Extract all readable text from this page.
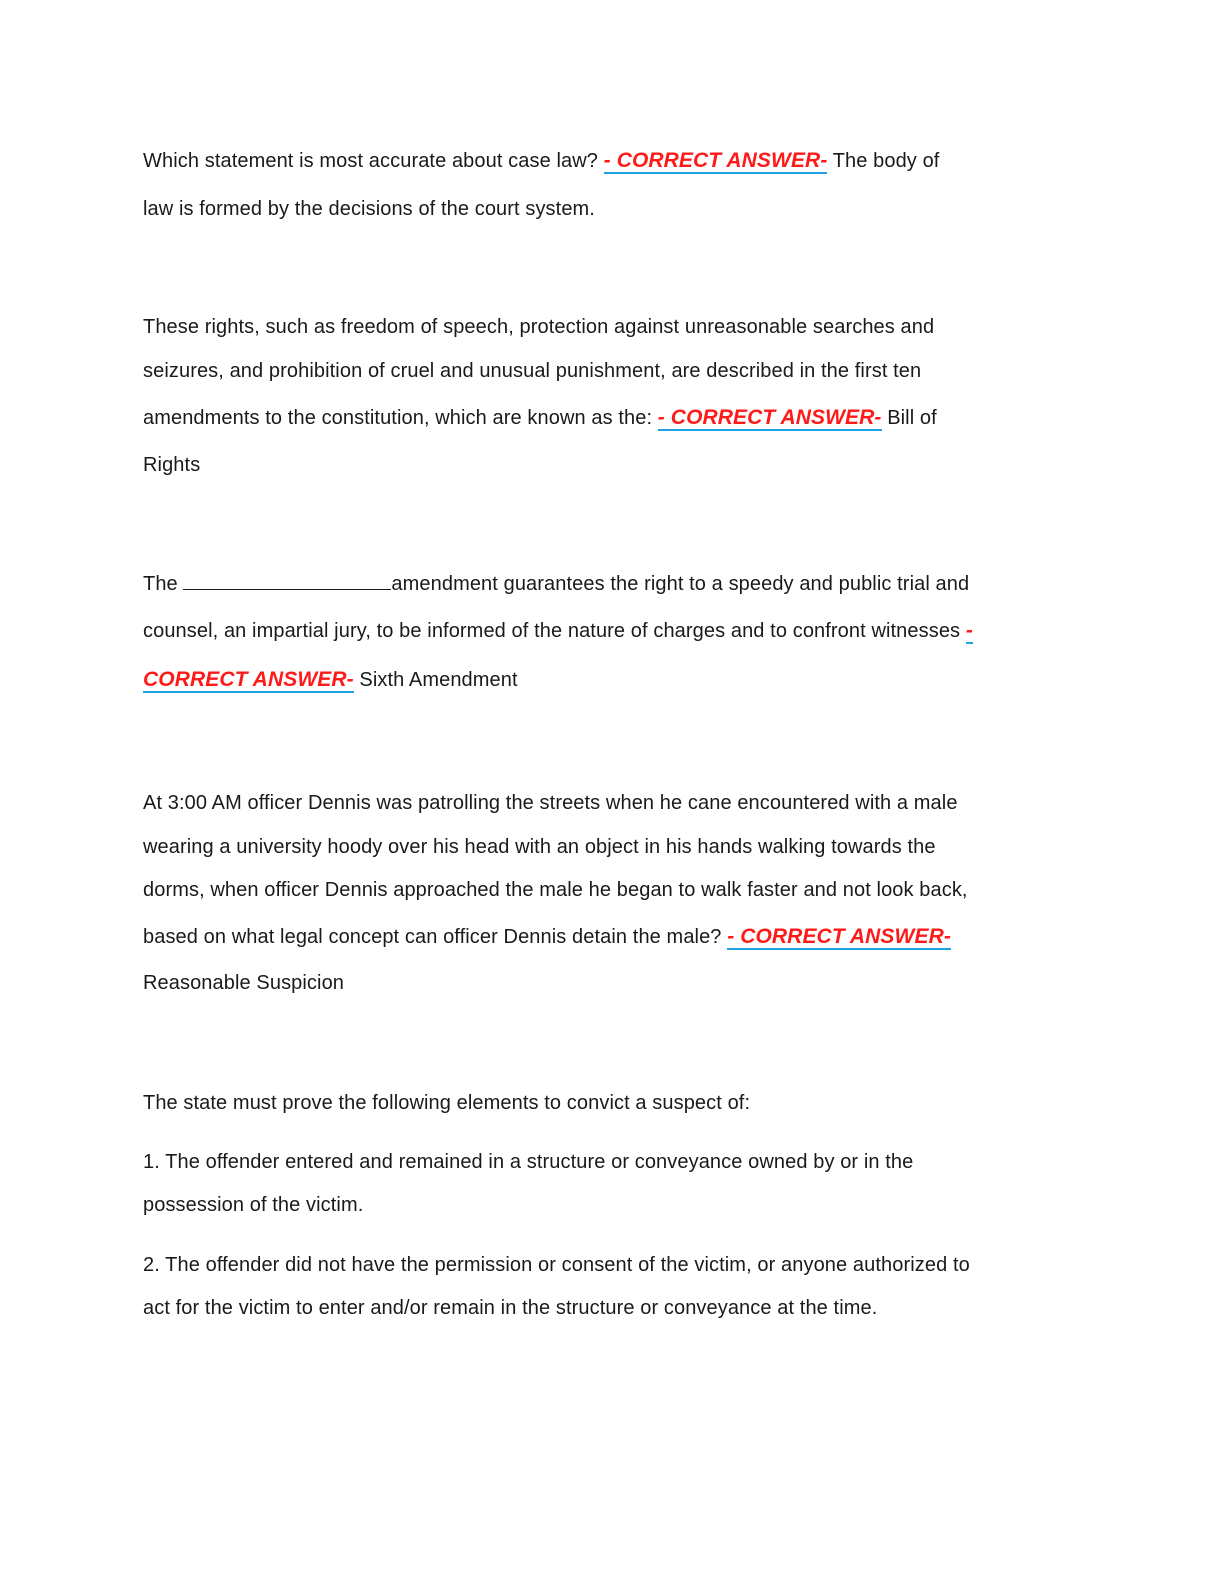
Which statement is most accurate about case law? - CORRECT ANSWER- The body of
law is formed by the decisions of the court system.
These rights, such as freedom of speech, protection against unreasonable searches and
seizures, and prohibition of cruel and unusual punishment, are described in the first ten
amendments to the constitution, which are known as the: - CORRECT ANSWER- Bill of
Rights
The	amendment guarantees the right to a speedy and public trial and
counsel, an impartial jury, to be informed of the nature of charges and to confront witnesses -
CORRECT ANSWER- Sixth Amendment
At 3:00 AM officer Dennis was patrolling the streets when he cane encountered with a male
wearing a university hoody over his head with an object in his hands walking towards the
dorms, when officer Dennis approached the male he began to walk faster and not look back,
based on what legal concept can officer Dennis detain the male? - CORRECT ANSWER-
Reasonable Suspicion
The state must prove the following elements to convict a suspect of:
1. The offender entered and remained in a structure or conveyance owned by or in the
possession of the victim.
2. The offender did not have the permission or consent of the victim, or anyone authorized to
act for the victim to enter and/or remain in the structure or conveyance at the time.
